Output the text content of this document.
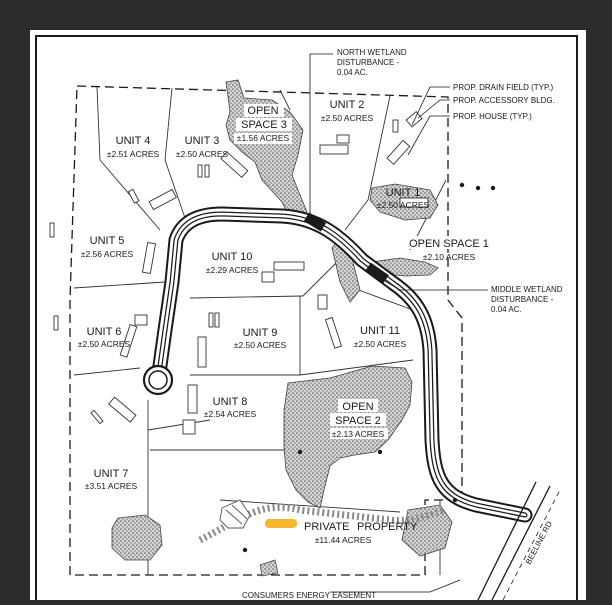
UNIT 4
±2.51 ACRES
UNIT 3
±2.50 ACRES
UNIT 2
±2.50 ACRES
UNIT 1
±2.50 ACRES
UNIT 5
±2.56 ACRES	UNIT 10
±2.29 ACRES
UNIT 6
±2.50 ACRES
UNIT 9
±2.50 ACRES
UNIT 11
±2.50 ACRES
UNIT 8
±2.54 ACRES
UNIT 7
±3.51 ACRES
OPEN
SPACE 3
±1.56 ACRES
OPEN SPACE 1
±2.10 ACRES
OPEN
SPACE 2
±2.13 ACRES
PRIVATE PROPERTY
±11.44 ACRES
NORTH WETLAND
DISTURBANCE -
0.04 AC.
PROP. DRAIN FIELD (TYP.)
PROP. ACCESSORY BLDG.
PROP. HOUSE (TYP.)
MIDDLE WETLAND
DISTURBANCE -
0.04 AC.
CONSUMERS ENERGY EASEMENT
BEELINE RD
